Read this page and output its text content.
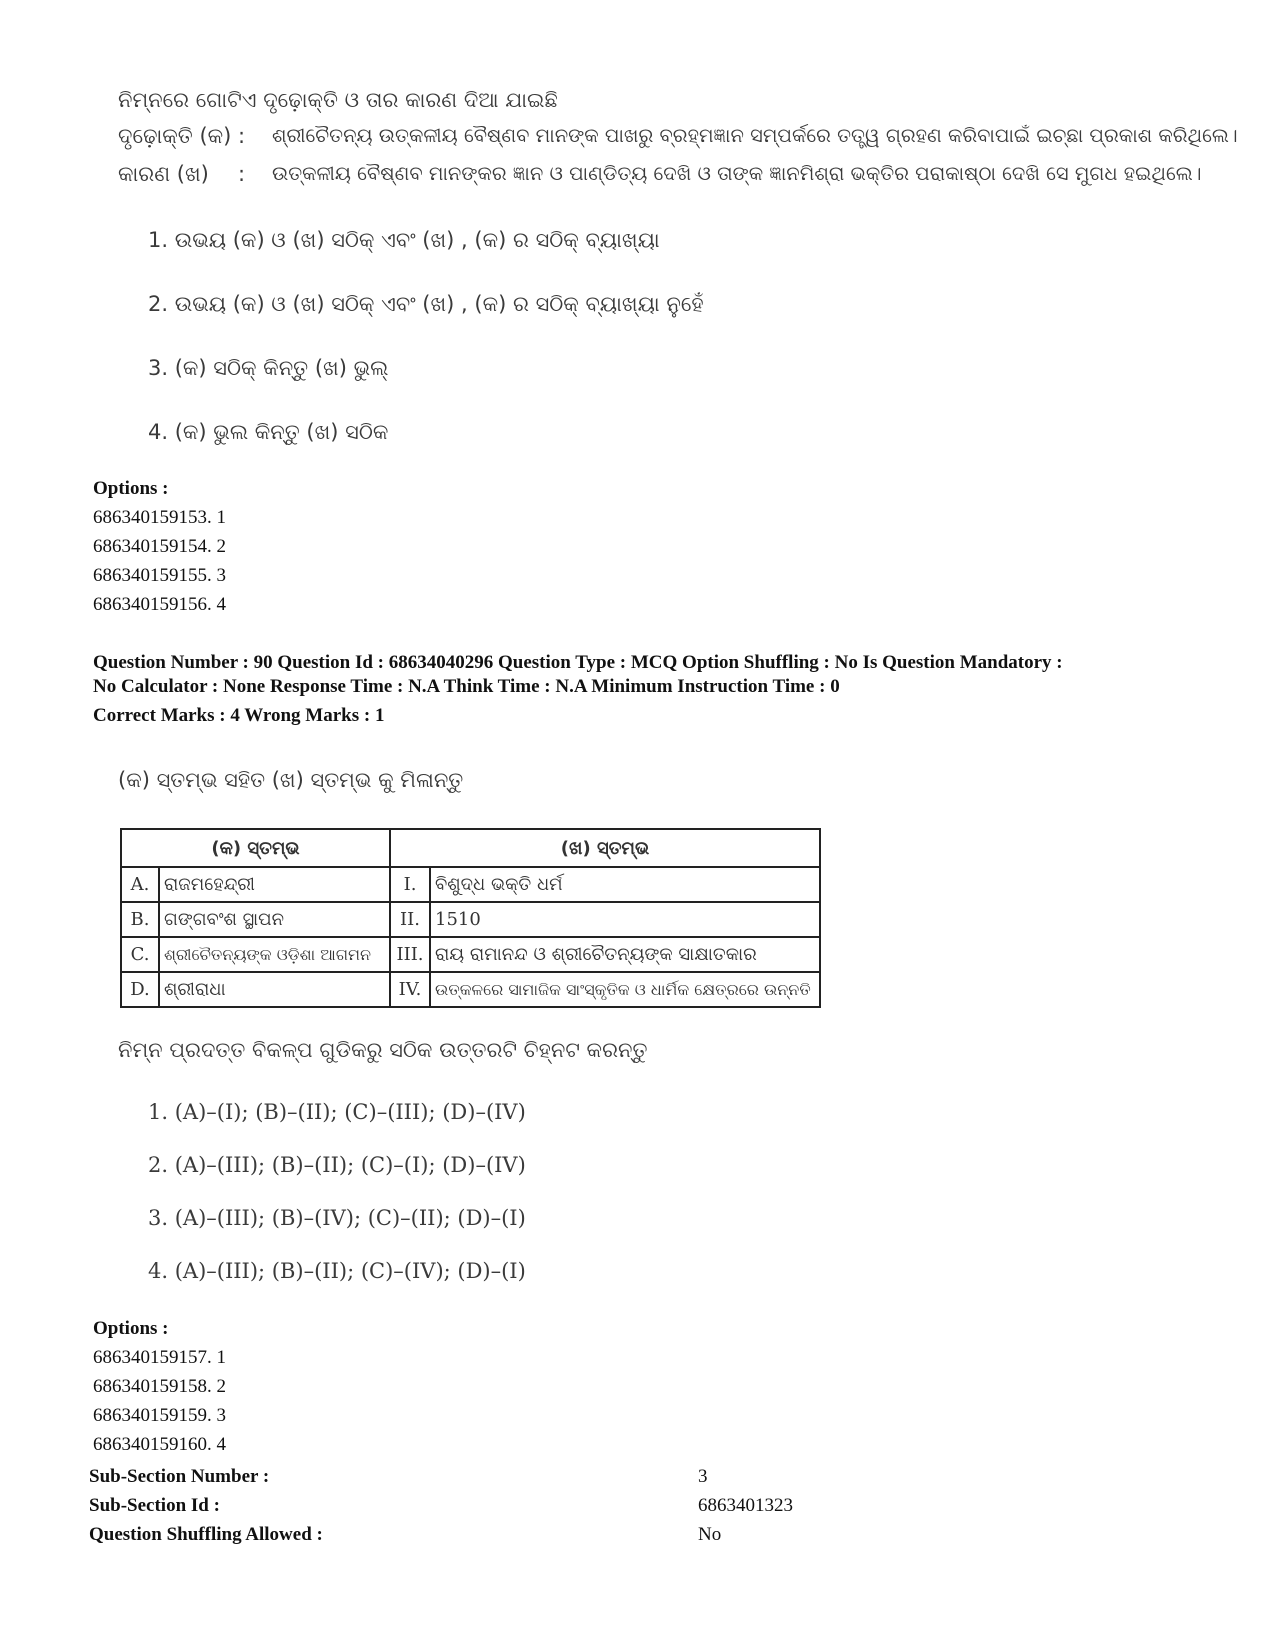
ନିମ୍ନରେ ଗୋଟିଏ ଦୃଢ଼ୋକ୍ତି ଓ ତାର କାରଣ ଦିଆ ଯାଇଛି
ଦୃଢ଼ୋକ୍ତି (କ) : ଶ୍ରୀଚୈତନ୍ୟ ଉତ୍କଳୀୟ ବୈଷ୍ଣବ ମାନଙ୍କ ପାଖରୁ ବ୍ରହ୍ମଜ୍ଞାନ ସମ୍ପର୍କରେ ତତ୍ତ୍ୱ ଗ୍ରହଣ କରିବାପାଇଁ ଇଚ୍ଛା ପ୍ରକାଶ କରିଥିଲେ।
କାରଣ (ଖ) : ଉତ୍କଳୀୟ ବୈଷ୍ଣବ ମାନଙ୍କର ଜ୍ଞାନ ଓ ପାଣ୍ଡିତ୍ୟ ଦେଖି ଓ ତାଙ୍କ ଜ୍ଞାନମିଶ୍ରା ଭକ୍ତିର ପରାକାଷ୍ଠା ଦେଖି ସେ ମୁଗଧ ହଇଥିଲେ।
1. ଉଭୟ (କ) ଓ (ଖ) ସଠିକ୍ ଏବଂ (ଖ) , (କ) ର ସଠିକ୍ ବ୍ୟାଖ୍ୟା
2. ଉଭୟ (କ) ଓ (ଖ) ସଠିକ୍ ଏବଂ (ଖ) , (କ) ର ସଠିକ୍ ବ୍ୟାଖ୍ୟା ନୁହେଁ
3. (କ) ସଠିକ୍ କିନ୍ତୁ (ଖ) ଭୁଲ୍
4. (କ) ଭୁଲ କିନ୍ତୁ (ଖ) ସଠିକ
Options :
686340159153. 1
686340159154. 2
686340159155. 3
686340159156. 4
Question Number : 90 Question Id : 68634040296 Question Type : MCQ Option Shuffling : No Is Question Mandatory :
No Calculator : None Response Time : N.A Think Time : N.A Minimum Instruction Time : 0
Correct Marks : 4 Wrong Marks : 1
(କ) ସ୍ତମ୍ଭ ସହିତ (ଖ) ସ୍ତମ୍ଭ କୁ ମିଳାନ୍ତୁ
(କ) ସ୍ତମ୍ଭ		(ଖ) ସ୍ତମ୍ଭ	
A.	ରାଜମହେନ୍ଦ୍ରୀ	I.	ବିଶୁଦ୍ଧ ଭକ୍ତି ଧର୍ମ
B.	ଗଙ୍ଗବଂଶ ସ୍ଥାପନ	II.	1510
C.	ଶ୍ରୀଚୈତନ୍ୟଙ୍କ ଓଡ଼ିଶା ଆଗମନ	III.	ରାୟ ରାମାନନ୍ଦ ଓ ଶ୍ରୀଚୈତନ୍ୟଙ୍କ ସାକ୍ଷାତକାର
D.	ଶ୍ରୀରାଧା	IV.	ଉତ୍କଳରେ ସାମାଜିକ ସାଂସ୍କୃତିକ ଓ ଧାର୍ମିକ କ୍ଷେତ୍ରରେ ଉନ୍ନତି
ନିମ୍ନ ପ୍ରଦତ୍ତ ବିକଳ୍ପ ଗୁଡିକରୁ ସଠିକ ଉତ୍ତରଟି ଚିହ୍ନଟ କରନ୍ତୁ
1. (A)–(I); (B)–(II); (C)–(III); (D)–(IV)
2. (A)–(III); (B)–(II); (C)–(I); (D)–(IV)
3. (A)–(III); (B)–(IV); (C)–(II); (D)–(I)
4. (A)–(III); (B)–(II); (C)–(IV); (D)–(I)
Options :
686340159157. 1
686340159158. 2
686340159159. 3
686340159160. 4
Sub-Section Number :	3
Sub-Section Id :	6863401323
Question Shuffling Allowed :	No
